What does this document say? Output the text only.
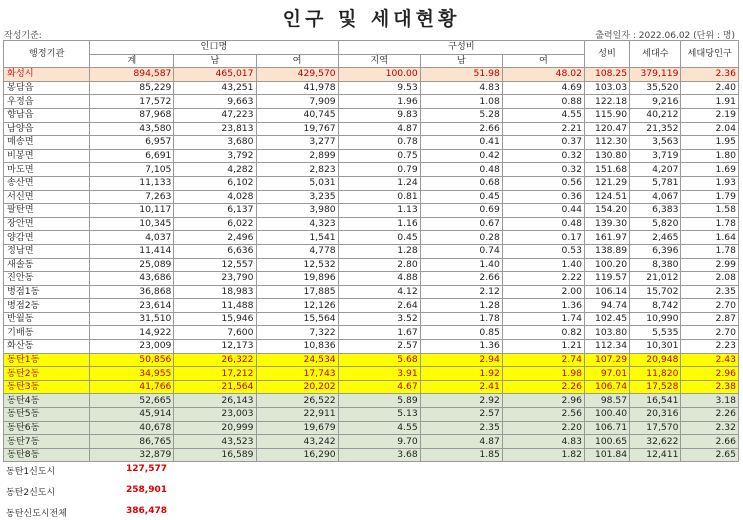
인구 및 세대현황
작성기준:	출력일자 : 2022.06.02 (단위 : 명)
행정기관	인口명			구성비			성비	세대수	세대당인구
	계	남	여	지역	남	여			
화성시	894,587	465,017	429,570	100.00	51.98	48.02	108.25	379,119	2.36
봉담읍	85,229	43,251	41,978	9.53	4.83	4.69	103.03	35,520	2.40
우정읍	17,572	9,663	7,909	1.96	1.08	0.88	122.18	9,216	1.91
향남읍	87,968	47,223	40,745	9.83	5.28	4.55	115.90	40,212	2.19
남양읍	43,580	23,813	19,767	4.87	2.66	2.21	120.47	21,352	2.04
매송면	6,957	3,680	3,277	0.78	0.41	0.37	112.30	3,563	1.95
비봉면	6,691	3,792	2,899	0.75	0.42	0.32	130.80	3,719	1.80
마도면	7,105	4,282	2,823	0.79	0.48	0.32	151.68	4,207	1.69
송산면	11,133	6,102	5,031	1.24	0.68	0.56	121.29	5,781	1.93
서신면	7,263	4,028	3,235	0.81	0.45	0.36	124.51	4,067	1.79
팔탄면	10,117	6,137	3,980	1.13	0.69	0.44	154.20	6,383	1.58
장안면	10,345	6,022	4,323	1.16	0.67	0.48	139.30	5,820	1.78
양감면	4,037	2,496	1,541	0.45	0.28	0.17	161.97	2,465	1.64
정남면	11,414	6,636	4,778	1.28	0.74	0.53	138.89	6,396	1.78
새솔동	25,089	12,557	12,532	2.80	1.40	1.40	100.20	8,380	2.99
진안동	43,686	23,790	19,896	4.88	2.66	2.22	119.57	21,012	2.08
병점1동	36,868	18,983	17,885	4.12	2.12	2.00	106.14	15,702	2.35
병점2동	23,614	11,488	12,126	2.64	1.28	1.36	94.74	8,742	2.70
반월동	31,510	15,946	15,564	3.52	1.78	1.74	102.45	10,990	2.87
기배동	14,922	7,600	7,322	1.67	0.85	0.82	103.80	5,535	2.70
화산동	23,009	12,173	10,836	2.57	1.36	1.21	112.34	10,301	2.23
동탄1동	50,856	26,322	24,534	5.68	2.94	2.74	107.29	20,948	2.43
동탄2동	34,955	17,212	17,743	3.91	1.92	1.98	97.01	11,820	2.96
동탄3동	41,766	21,564	20,202	4.67	2.41	2.26	106.74	17,528	2.38
동탄4동	52,665	26,143	26,522	5.89	2.92	2.96	98.57	16,541	3.18
동탄5동	45,914	23,003	22,911	5.13	2.57	2.56	100.40	20,316	2.26
동탄6동	40,678	20,999	19,679	4.55	2.35	2.20	106.71	17,570	2.32
동탄7동	86,765	43,523	43,242	9.70	4.87	4.83	100.65	32,622	2.66
동탄8동	32,879	16,589	16,290	3.68	1.85	1.82	101.84	12,411	2.65
동탄1신도시	127,577
동탄2신도시	258,901
동탄신도시전체	386,478
